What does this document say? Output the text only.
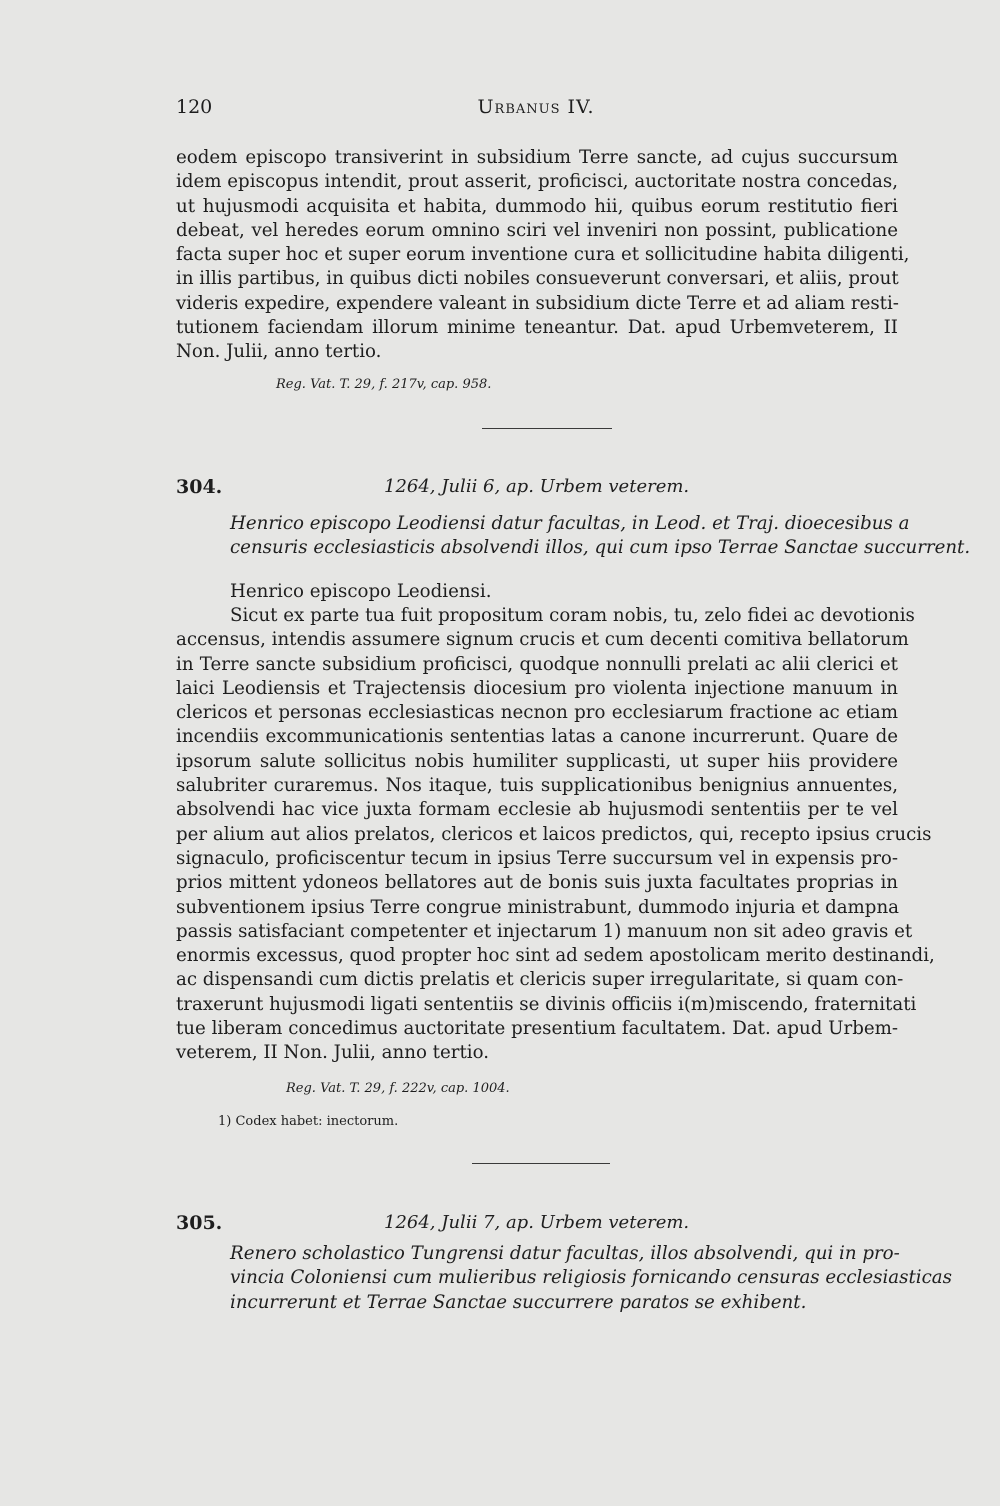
120	Urbanus IV.
eodem episcopo transiverint in subsidium Terre sancte, ad cujus succursum
idem episcopus intendit, prout asserit, proficisci, auctoritate nostra concedas,
ut hujusmodi acquisita et habita, dummodo hii, quibus eorum restitutio fieri
debeat, vel heredes eorum omnino sciri vel inveniri non possint, publicatione
facta super hoc et super eorum inventione cura et sollicitudine habita diligenti,
in illis partibus, in quibus dicti nobiles consueverunt conversari, et aliis, prout
videris expedire, expendere valeant in subsidium dicte Terre et ad aliam resti-
tutionem faciendam illorum minime teneantur. Dat. apud Urbemveterem, II
Non. Julii, anno tertio.
Reg. Vat. T. 29, f. 217v, cap. 958.
304.	1264, Julii 6, ap. Urbem veterem.
Henrico episcopo Leodiensi datur facultas, in Leod. et Traj. dioecesibus a
censuris ecclesiasticis absolvendi illos, qui cum ipso Terrae Sanctae succurrent.
Henrico episcopo Leodiensi.
Sicut ex parte tua fuit propositum coram nobis, tu, zelo fidei ac devotionis
accensus, intendis assumere signum crucis et cum decenti comitiva bellatorum
in Terre sancte subsidium proficisci, quodque nonnulli prelati ac alii clerici et
laici Leodiensis et Trajectensis diocesium pro violenta injectione manuum in
clericos et personas ecclesiasticas necnon pro ecclesiarum fractione ac etiam
incendiis excommunicationis sententias latas a canone incurrerunt. Quare de
ipsorum salute sollicitus nobis humiliter supplicasti, ut super hiis providere
salubriter curaremus. Nos itaque, tuis supplicationibus benignius annuentes,
absolvendi hac vice juxta formam ecclesie ab hujusmodi sententiis per te vel
per alium aut alios prelatos, clericos et laicos predictos, qui, recepto ipsius crucis
signaculo, proficiscentur tecum in ipsius Terre succursum vel in expensis pro-
prios mittent ydoneos bellatores aut de bonis suis juxta facultates proprias in
subventionem ipsius Terre congrue ministrabunt, dummodo injuria et dampna
passis satisfaciant competenter et injectarum 1) manuum non sit adeo gravis et
enormis excessus, quod propter hoc sint ad sedem apostolicam merito destinandi,
ac dispensandi cum dictis prelatis et clericis super irregularitate, si quam con-
traxerunt hujusmodi ligati sententiis se divinis officiis i(m)miscendo, fraternitati
tue liberam concedimus auctoritate presentium facultatem. Dat. apud Urbem-
veterem, II Non. Julii, anno tertio.
Reg. Vat. T. 29, f. 222v, cap. 1004.
1) Codex habet: inectorum.
305.	1264, Julii 7, ap. Urbem veterem.
Renero scholastico Tungrensi datur facultas, illos absolvendi, qui in pro-
vincia Coloniensi cum mulieribus religiosis fornicando censuras ecclesiasticas
incurrerunt et Terrae Sanctae succurrere paratos se exhibent.
